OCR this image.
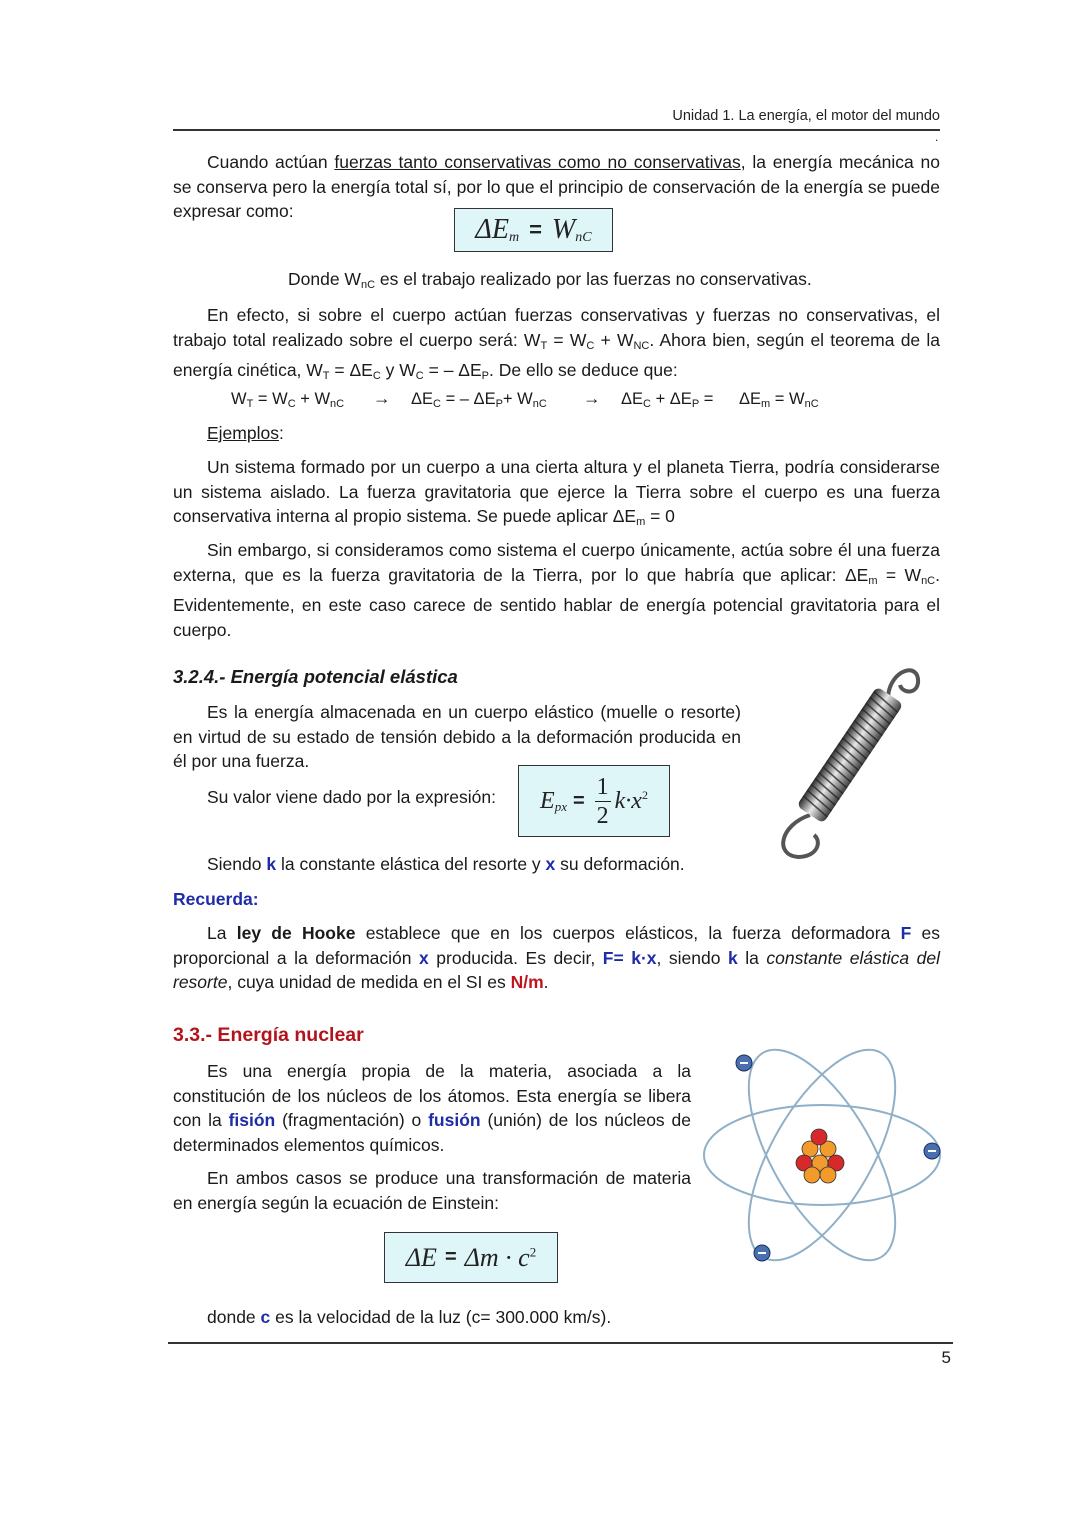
Unidad 1. La energía, el motor del mundo
.

Cuando actúan fuerzas tanto conservativas como no conservativas, la energía mecánica no se conserva pero la energía total sí, por lo que el principio de conservación de la energía se puede expresar como:

$\Delta E_m = W_{nC}$
Donde $W_{nC}$ es el trabajo realizado por las fuerzas no conservativas.

En efecto, si sobre el cuerpo actúan fuerzas conservativas y fuerzas no conservativas, el trabajo total realizado sobre el cuerpo será: $W_T = W_C + W_{NC}$. Ahora bien, según el teorema de la energía cinética, $W_T = \Delta E_C$ y $W_C$ = – $\Delta E_P$. De ello se deduce que:

$W_T = W_C + W_{nC} \to \Delta E_C$ = – $\Delta E_P+ W_{nC} \to \Delta E_C + \Delta E_P = \Delta E_m = W_{nC}$
Ejemplos:

Un sistema formado por un cuerpo a una cierta altura y el planeta Tierra, podría considerarse un sistema aislado. La fuerza gravitatoria que ejerce la Tierra sobre el cuerpo es una fuerza conservativa interna al propio sistema. Se puede aplicar $\Delta E_m = 0$

Sin embargo, si consideramos como sistema el cuerpo únicamente, actúa sobre él una fuerza externa, que es la fuerza gravitatoria de la Tierra, por lo que habría que aplicar: $\Delta E_m = W_{nC}$. Evidentemente, en este caso carece de sentido hablar de energía potencial gravitatoria para el cuerpo.

3.2.4.- Energía potencial elástica

Es la energía almacenada en un cuerpo elástico (muelle o resorte) en virtud de su estado de tensión debido a la deformación producida en él por una fuerza.

Su valor viene dado por la expresión: $E_{px} = \frac{1}{2} k\cdot x^2$
Siendo k la constante elástica del resorte y x su deformación.
Recuerda:

La ley de Hooke establece que en los cuerpos elásticos, la fuerza deformadora F es proporcional a la deformación x producida. Es decir, F= k·x, siendo k la constante elástica del resorte, cuya unidad de medida en el SI es N/m.

3.3.- Energía nuclear

Es una energía propia de la materia, asociada a la constitución de los núcleos de los átomos. Esta energía se libera con la fisión (fragmentación) o fusión (unión) de los núcleos de determinados elementos químicos.

En ambos casos se produce una transformación de materia en energía según la ecuación de Einstein:

$\Delta E = \Delta m \cdot c^2$
donde c es la velocidad de la luz (c= 300.000 km/s).
5
